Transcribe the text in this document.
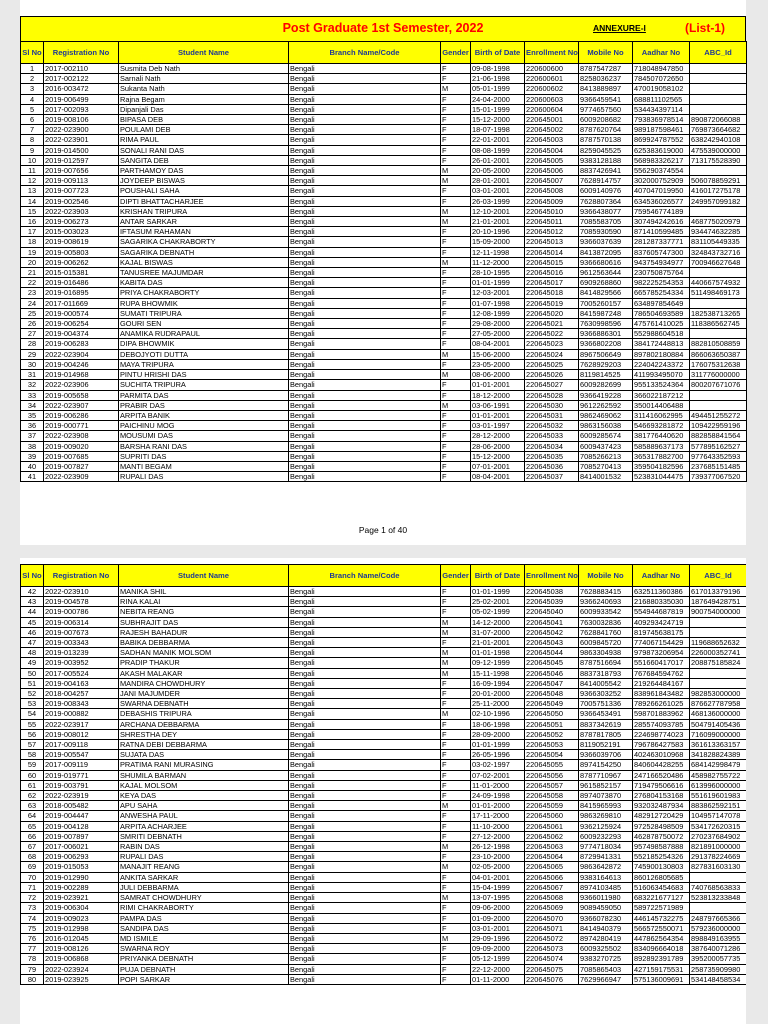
Post Graduate 1st Semester, 2022	ANNEXURE-I	(List-1)
Sl No	Registration No	Student Name	Branch Name/Code	Gender	Birth of Date	Enrollment No	Mobile No	Aadhar No	ABC_Id
1	2017-002110	Susmita Deb Nath	Bengali	F	09-08-1998	220600600	8787547287	718048947850	
2	2017-002122	Sarnali Nath	Bengali	F	21-06-1998	220600601	8258036237	784507072650	
3	2016-003472	Sukanta Nath	Bengali	M	05-01-1999	220600602	8413889897	470019058102	
4	2019-006499	Rajna Begam	Bengali	F	24-04-2000	220600603	9366459541	688811102565	
5	2017-002093	Dipanjali Das	Bengali	F	15-01-1999	220600604	9774657560	534434397114	
6	2019-008106	BIPASA DEB	Bengali	F	15-12-2000	220645001	6009208682	793836978514	890872066088
7	2022-023900	POULAMI DEB	Bengali	F	18-07-1998	220645002	8787620764	989187598461	769873664682
8	2022-023901	RIMA PAUL	Bengali	F	22-01-2001	220645003	8787570138	869924787552	638242940108
9	2019-014500	SONALI RANI DAS	Bengali	F	08-08-1999	220645004	8259045525	625383619000	475539000000
10	2019-012597	SANGITA DEB	Bengali	F	26-01-2001	220645005	9383128188	568983326217	713175528390
11	2019-007656	PARTHAMOY DAS	Bengali	M	20-05-2000	220645006	8837426941	556290374554	
12	2019-009113	JOYDEEP BISWAS	Bengali	M	28-01-2001	220645007	7628914757	302000752909	506078859291
13	2019-007723	POUSHALI SAHA	Bengali	F	03-01-2001	220645008	6009140976	407047019950	416017275178
14	2019-002546	DIPTI BHATTACHARJEE	Bengali	F	26-03-1999	220645009	7628807364	634536026577	249957099182
15	2022-023903	KRISHAN TRIPURA	Bengali	M	12-10-2001	220645010	9366438077	759546774189	
16	2019-006273	ANTAR SARKAR	Bengali	M	21-01-2001	220645011	7085583705	307494242616	468775020979
17	2015-003023	IFTASUM RAHAMAN	Bengali	F	20-10-1996	220645012	7085930590	871410599485	934474632285
18	2019-008619	SAGARIKA CHAKRABORTY	Bengali	F	15-09-2000	220645013	9366037639	281287337771	831105449335
19	2019-005803	SAGARIKA DEBNATH	Bengali	F	12-11-1998	220645014	8413872095	837605747300	324843732716
20	2019-006262	KAJAL BISWAS	Bengali	M	11-12-2000	220645015	9366680616	943754934977	700946627648
21	2015-015381	TANUSREE MAJUMDAR	Bengali	F	28-10-1995	220645016	9612563644	230750875764	
22	2019-016486	KABITA DAS	Bengali	F	01-01-1999	220645017	6909268860	982225254353	440667574932
23	2019-016895	PRIYA CHAKRABORTY	Bengali	F	12-03-2001	220645018	8414829566	665785254334	511498469173
24	2017-011669	RUPA BHOWMIK	Bengali	F	01-07-1998	220645019	7005260157	634897854649	
25	2019-000574	SUMATI TRIPURA	Bengali	F	12-08-1999	220645020	8415987248	786504693589	182538713265
26	2019-006254	GOURI SEN	Bengali	F	29-08-2000	220645021	7630998596	475761410025	118386562745
27	2019-004374	ANAMIKA RUDRAPAUL	Bengali	F	27-05-2000	220645022	9366886301	552988604518	
28	2019-006283	DIPA BHOWMIK	Bengali	F	08-04-2001	220645023	9366802208	384172448813	882810508859
29	2022-023904	DEBOJYOTI DUTTA	Bengali	M	15-06-2000	220645024	8967506649	897802180884	866063650387
30	2019-004246	MAYA TRIPURA	Bengali	F	23-05-2000	220645025	7628929203	224042243372	176075312638
31	2019-014968	PINTU HRISHI DAS	Bengali	M	08-06-2000	220645026	8119814525	411993495070	311776000000
32	2022-023906	SUCHITA TRIPURA	Bengali	F	01-01-2001	220645027	6009282699	955133524364	800207671076
33	2019-005658	PARMITA DAS	Bengali	F	18-12-2000	220645028	9366419228	366022187212	
34	2022-023907	PRABIR DAS	Bengali	M	03-06-1991	220645030	9612262592	350014406488	
35	2019-006286	ARPITA BANIK	Bengali	F	01-01-2001	220645031	9862469062	311416062995	494451255272
36	2019-000771	PAICHINU MOG	Bengali	F	03-01-1997	220645032	9863156038	546693281872	109422959196
37	2022-023908	MOUSUMI DAS	Bengali	F	28-12-2000	220645033	6009285674	381776440620	882858841564
38	2019-009020	BARSHA RANI DAS	Bengali	F	28-06-2000	220645034	6009437423	585889637173	577895162527
39	2019-007685	SUPRITI DAS	Bengali	F	15-12-2000	220645035	7085266213	365317882700	977643352593
40	2019-007827	MANTI BEGAM	Bengali	F	07-01-2001	220645036	7085270413	359504182596	237685151485
41	2022-023909	RUPALI DAS	Bengali	F	08-04-2001	220645037	8414001532	523831044475	739377067520
Page 1 of 40
Sl No	Registration No	Student Name	Branch Name/Code	Gender	Birth of Date	Enrollment No	Mobile No	Aadhar No	ABC_Id
42	2022-023910	MANIKA SHIL	Bengali	F	01-01-1999	220645038	7628883415	632511360386	617013379196
43	2019-004578	RINA KALAI	Bengali	F	25-02-2001	220645039	9366240693	216880335030	187649428751
44	2019-000786	NEBITA REANG	Bengali	F	05-02-1999	220645040	6009933542	554944687819	900754000000
45	2019-006314	SUBHRAJIT DAS	Bengali	M	14-12-2000	220645041	7630032836	409293424719	
46	2019-007673	RAJESH BAHADUR	Bengali	M	31-07-2000	220645042	7628841760	819745638175	
47	2019-003343	BABIKA DEBBARMA	Bengali	F	21-01-2001	220645043	6009845720	774067154429	119688652632
48	2019-013239	SADHAN MANIK MOLSOM	Bengali	M	01-01-1998	220645044	9863304938	979873206954	226000352741
49	2019-003952	PRADIP THAKUR	Bengali	M	09-12-1999	220645045	8787516694	551660417017	208875185824
50	2017-005524	AKASH MALAKAR	Bengali	M	15-11-1998	220645046	8837318793	767684594762	
51	2019-004163	MANDIRA CHOWDHURY	Bengali	F	16-09-1994	220645047	8414005542	219264484167	
52	2018-004257	JANI MAJUMDER	Bengali	F	20-01-2000	220645048	9366303252	838961843482	982853000000
53	2019-008343	SWARNA DEBNATH	Bengali	F	25-11-2000	220645049	7005751336	789266261025	876627787958
54	2019-000882	DEBASHIS TRIPURA	Bengali	M	02-10-1996	220645050	9366453491	598701883962	468136000000
55	2022-023917	ARCHANA DEBBARMA	Bengali	F	18-06-1998	220645051	8837342619	285574093785	504791405436
56	2019-008012	SHRESTHA DEY	Bengali	F	28-09-2000	220645052	8787817805	224698774023	716099000000
57	2017-009118	RATNA DEBI DEBBARMA	Bengali	F	01-01-1999	220645053	8119052191	796786427583	361613363157
58	2019-005547	SUJATA DAS	Bengali	F	26-05-1996	220645054	9366039706	402463010968	341828824389
59	2017-009119	PRATIMA RANI MURASING	Bengali	F	03-02-1997	220645055	8974154250	840604428255	684142998479
60	2019-019771	SHUMILA BARMAN	Bengali	F	07-02-2001	220645056	8787710967	247166520486	458982755722
61	2019-003791	KAJAL MOLSOM	Bengali	F	11-01-2000	220645057	9615852157	719479506616	613996000000
62	2022-023919	KEYA DAS	Bengali	F	24-09-1998	220645058	8974073870	276804153168	551619601983
63	2018-005482	APU SAHA	Bengali	M	01-01-2000	220645059	8415965993	932032487934	883862592151
64	2019-004447	ANWESHA PAUL	Bengali	F	17-11-2000	220645060	9863269810	482912720429	104957147078
65	2019-004128	ARPITA ACHARJEE	Bengali	F	11-10-2000	220645061	9362125924	972528498509	534172620315
66	2019-007897	SMRITI DEBNATH	Bengali	F	27-12-2000	220645062	6009232293	462878750072	270237684902
67	2017-006021	RABIN DAS	Bengali	M	26-12-1998	220645063	9774718034	957498587888	821891000000
68	2019-006293	RUPALI DAS	Bengali	F	23-10-2000	220645064	8729941331	552185254326	291378224669
69	2019-015053	MANAJIT REANG	Bengali	M	02-05-2000	220645065	9863642872	745900130803	827831603130
70	2019-012990	ANKITA SARKAR	Bengali	F	04-01-2001	220645066	9383164613	860126805685	
71	2019-002289	JULI DEBBARMA	Bengali	F	15-04-1999	220645067	8974103485	516063454683	740768563833
72	2019-023921	SAMRAT CHOWDHURY	Bengali	M	13-07-1995	220645068	9366011980	683221677127	523813233848
73	2019-006304	RIMI CHAKRABORTY	Bengali	F	09-06-2000	220645069	9089459050	589722571989	
74	2019-009023	PAMPA DAS	Bengali	F	01-09-2000	220645070	9366078230	446145732275	248797665366
75	2019-012998	SANDIPA DAS	Bengali	F	03-01-2001	220645071	8414940379	566572550071	579236000000
76	2016-012045	MD ISMILE	Bengali	M	29-09-1996	220645072	8974280419	447862564354	898849163955
77	2019-008126	SWARNA ROY	Bengali	F	09-09-2000	220645073	6009325502	834096664018	387640071286
78	2019-006868	PRIYANKA DEBNATH	Bengali	F	05-12-1999	220645074	9383270725	892892391789	395200057735
79	2022-023924	PUJA DEBNATH	Bengali	F	22-12-2000	220645075	7085865403	427159175531	258735909980
80	2019-023925	POPI SARKAR	Bengali	F	01-11-2000	220645076	7629966947	575136009691	534148458534
